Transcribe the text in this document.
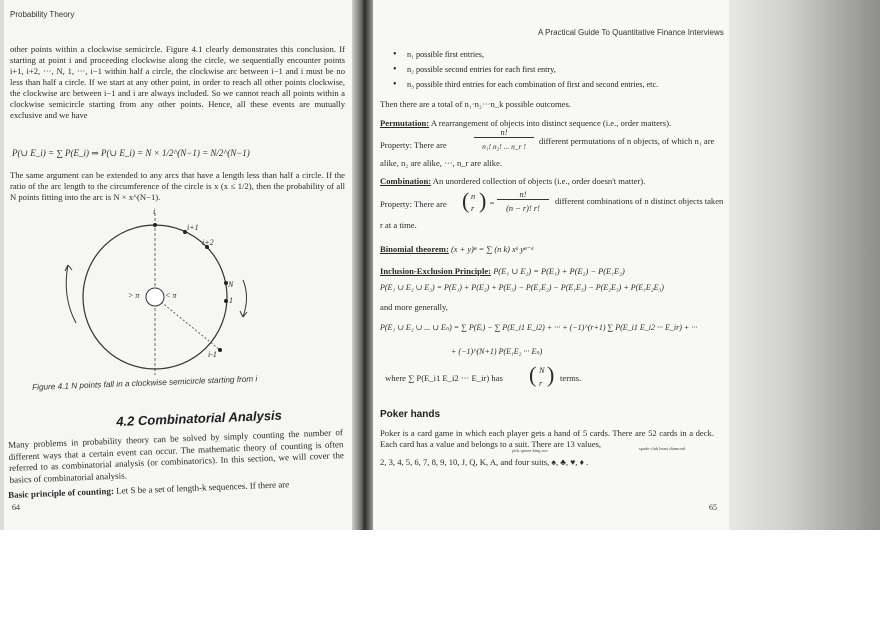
Probability Theory
other points within a clockwise semicircle. Figure 4.1 clearly demonstrates this conclusion. If starting at point i and proceeding clockwise along the circle, we sequentially encounter points i+1, i+2, ···, N, 1, ···, i−1 within half a circle, the clockwise arc between i−1 and i must be no less than half a circle. If we start at any other point, in order to reach all other points clockwise, the clockwise arc between i−1 and i are always included. So we cannot reach all points within a clockwise semicircle starting from any other points. Hence, all these events are mutually exclusive and we have
P(∪ E_i) = ∑ P(E_i) ⇒ P(∪ E_i) = N × 1/2^(N−1) = N/2^(N−1)
The same argument can be extended to any arcs that have a length less than half a circle. If the ratio of the arc length to the circumference of the circle is x (x ≤ 1/2), then the probability of all N points fitting into the arc is N × x^(N−1).
i
i+1
i+2
N
1
i-1
> π	< π
Figure 4.1 N points fall in a clockwise semicircle starting from i
4.2 Combinatorial Analysis
Many problems in probability theory can be solved by simply counting the number of different ways that a certain event can occur. The mathematic theory of counting is often referred to as combinatorial analysis (or combinatorics). In this section, we will cover the basics of combinatorial analysis.
Basic principle of counting: Let S be a set of length-k sequences. If there are
64
A Practical Guide To Quantitative Finance Interviews
• n₁ possible first entries,
• n₂ possible second entries for each first entry,
• n₃ possible third entries for each combination of first and second entries, etc.
Then there are a total of n₁·n₂···n_k possible outcomes.
Permutation: A rearrangement of objects into distinct sequence (i.e., order matters).
Property: There are
n!
n₁! n₂! ... n_r !
different permutations of n objects, of which n₁ are
alike, n₂ are alike, ···, n_r are alike.
Combination: An unordered collection of objects (i.e., order doesn't matter).
Property: There are ( n
r ) =
n!
(n − r)! r!
different combinations of n distinct objects taken
r at a time.
Binomial theorem: (x + y)ⁿ = ∑ (n k) xᵏ yⁿ⁻ᵏ
Inclusion-Exclusion Principle: P(E₁ ∪ E₂) = P(E₁) + P(E₂) − P(E₁E₂)
P(E₁ ∪ E₂ ∪ E₃) = P(E₁) + P(E₂) + P(E₃) − P(E₁E₂) − P(E₁E₃) − P(E₂E₃) + P(E₁E₂E₃)
and more generally,
P(E₁ ∪ E₂ ∪ ... ∪ Eₙ) = ∑ P(Eᵢ) − ∑ P(E_i1 E_i2) + ··· + (−1)^(r+1) ∑ P(E_i1 E_i2 ··· E_ir) + ···
+ (−1)^(N+1) P(E₁E₂ ··· Eₙ)
where ∑ P(E_i1 E_i2 ··· E_ir) has ( N
r ) terms.
Poker hands
Poker is a card game in which each player gets a hand of 5 cards. There are 52 cards in a deck. Each card has a value and belongs to a suit. There are 13 values,
jack queen king ace	spade club heart diamond
2, 3, 4, 5, 6, 7, 8, 9, 10, J, Q, K, A, and four suits, ♠, ♣, ♥, ♦ .
65
